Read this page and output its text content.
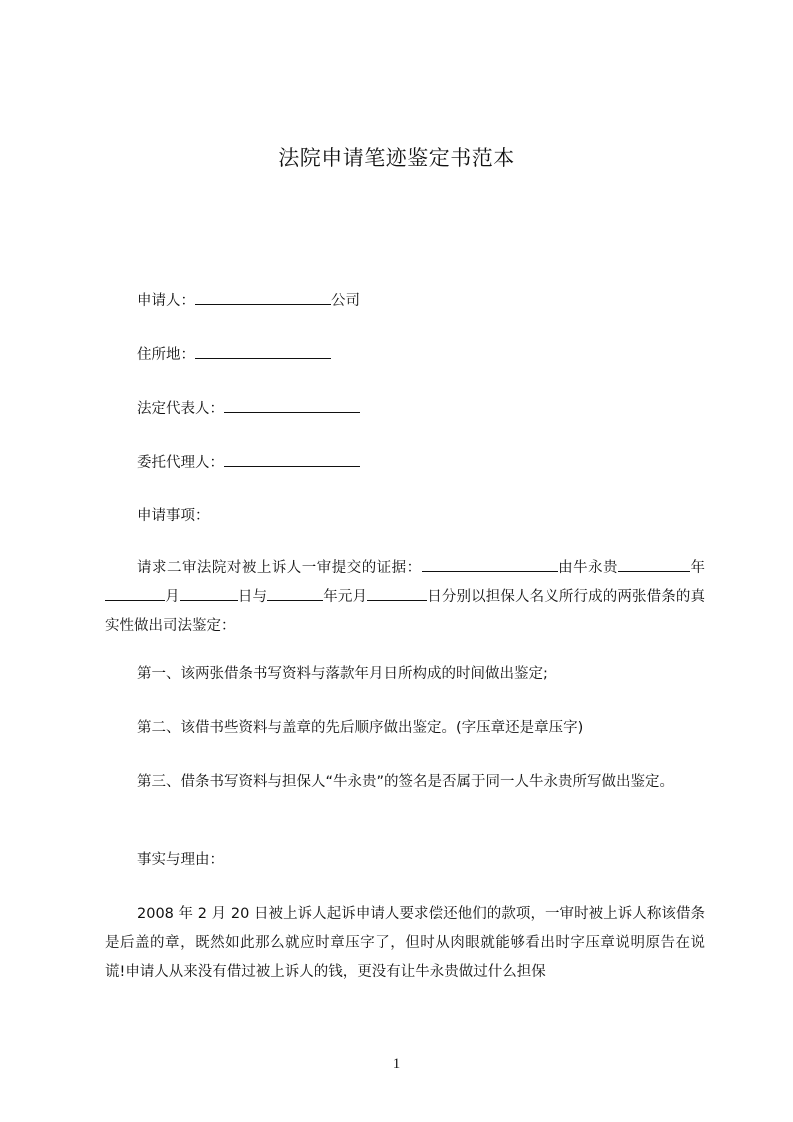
法院申请笔迹鉴定书范本
申请人：	公司
住所地：
法定代表人：
委托代理人：
申请事项：
请求二审法院对被上诉人一审提交的证据：	由牛永贵	年月	日与	年元月	日分别以担保人名义所行成的两张借条的真实性做出司法鉴定：
第一、该两张借条书写资料与落款年月日所构成的时间做出鉴定;
第二、该借书些资料与盖章的先后顺序做出鉴定。(字压章还是章压字)
第三、借条书写资料与担保人“牛永贵”的签名是否属于同一人牛永贵所写做出鉴定。
事实与理由：
2008 年 2 月 20 日被上诉人起诉申请人要求偿还他们的款项，一审时被上诉人称该借条是后盖的章，既然如此那么就应时章压字了，但时从肉眼就能够看出时字压章说明原告在说谎!申请人从来没有借过被上诉人的钱，更没有让牛永贵做过什么担保
1
